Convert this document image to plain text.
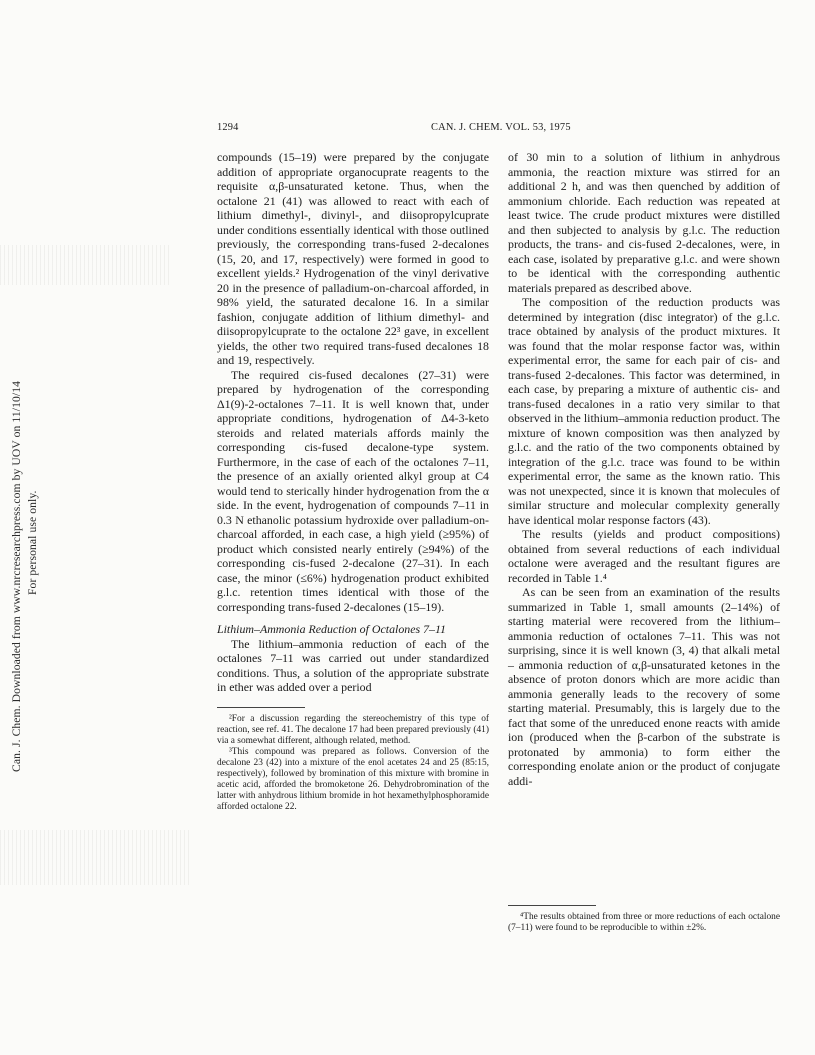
Can. J. Chem. Downloaded from www.nrcresearchpress.com by UOV on 11/10/14 For personal use only.
1294	CAN. J. CHEM. VOL. 53, 1975

compounds (15–19) were prepared by the conjugate addition of appropriate organocuprate reagents to the requisite α,β-unsaturated ketone. Thus, when the octalone 21 (41) was allowed to react with each of lithium dimethyl-, divinyl-, and diisopropylcuprate under conditions essentially identical with those outlined previously, the corresponding trans-fused 2-decalones (15, 20, and 17, respectively) were formed in good to excellent yields.² Hydrogenation of the vinyl derivative 20 in the presence of palladium-on-charcoal afforded, in 98% yield, the saturated decalone 16. In a similar fashion, conjugate addition of lithium dimethyl- and diisopropylcuprate to the octalone 22³ gave, in excellent yields, the other two required trans-fused decalones 18 and 19, respectively.

The required cis-fused decalones (27–31) were prepared by hydrogenation of the corresponding Δ1(9)-2-octalones 7–11. It is well known that, under appropriate conditions, hydrogenation of Δ4-3-keto steroids and related materials affords mainly the corresponding cis-fused decalone-type system. Furthermore, in the case of each of the octalones 7–11, the presence of an axially oriented alkyl group at C4 would tend to sterically hinder hydrogenation from the α side. In the event, hydrogenation of compounds 7–11 in 0.3 N ethanolic potassium hydroxide over palladium-on-charcoal afforded, in each case, a high yield (≥95%) of product which consisted nearly entirely (≥94%) of the corresponding cis-fused 2-decalone (27–31). In each case, the minor (≤6%) hydrogenation product exhibited g.l.c. retention times identical with those of the corresponding trans-fused 2-decalones (15–19).

Lithium–Ammonia Reduction of Octalones 7–11

The lithium–ammonia reduction of each of the octalones 7–11 was carried out under standardized conditions. Thus, a solution of the appropriate substrate in ether was added over a period

²For a discussion regarding the stereochemistry of this type of reaction, see ref. 41. The decalone 17 had been prepared previously (41) via a somewhat different, although related, method.

³This compound was prepared as follows. Conversion of the decalone 23 (42) into a mixture of the enol acetates 24 and 25 (85:15, respectively), followed by bromination of this mixture with bromine in acetic acid, afforded the bromoketone 26. Dehydrobromination of the latter with anhydrous lithium bromide in hot hexamethylphosphoramide afforded octalone 22.

of 30 min to a solution of lithium in anhydrous ammonia, the reaction mixture was stirred for an additional 2 h, and was then quenched by addition of ammonium chloride. Each reduction was repeated at least twice. The crude product mixtures were distilled and then subjected to analysis by g.l.c. The reduction products, the trans- and cis-fused 2-decalones, were, in each case, isolated by preparative g.l.c. and were shown to be identical with the corresponding authentic materials prepared as described above.

The composition of the reduction products was determined by integration (disc integrator) of the g.l.c. trace obtained by analysis of the product mixtures. It was found that the molar response factor was, within experimental error, the same for each pair of cis- and trans-fused 2-decalones. This factor was determined, in each case, by preparing a mixture of authentic cis- and trans-fused decalones in a ratio very similar to that observed in the lithium–ammonia reduction product. The mixture of known composition was then analyzed by g.l.c. and the ratio of the two components obtained by integration of the g.l.c. trace was found to be within experimental error, the same as the known ratio. This was not unexpected, since it is known that molecules of similar structure and molecular complexity generally have identical molar response factors (43).

The results (yields and product compositions) obtained from several reductions of each individual octalone were averaged and the resultant figures are recorded in Table 1.⁴

As can be seen from an examination of the results summarized in Table 1, small amounts (2–14%) of starting material were recovered from the lithium–ammonia reduction of octalones 7–11. This was not surprising, since it is well known (3, 4) that alkali metal – ammonia reduction of α,β-unsaturated ketones in the absence of proton donors which are more acidic than ammonia generally leads to the recovery of some starting material. Presumably, this is largely due to the fact that some of the unreduced enone reacts with amide ion (produced when the β-carbon of the substrate is protonated by ammonia) to form either the corresponding enolate anion or the product of conjugate addi-

⁴The results obtained from three or more reductions of each octalone (7–11) were found to be reproducible to within ±2%.
